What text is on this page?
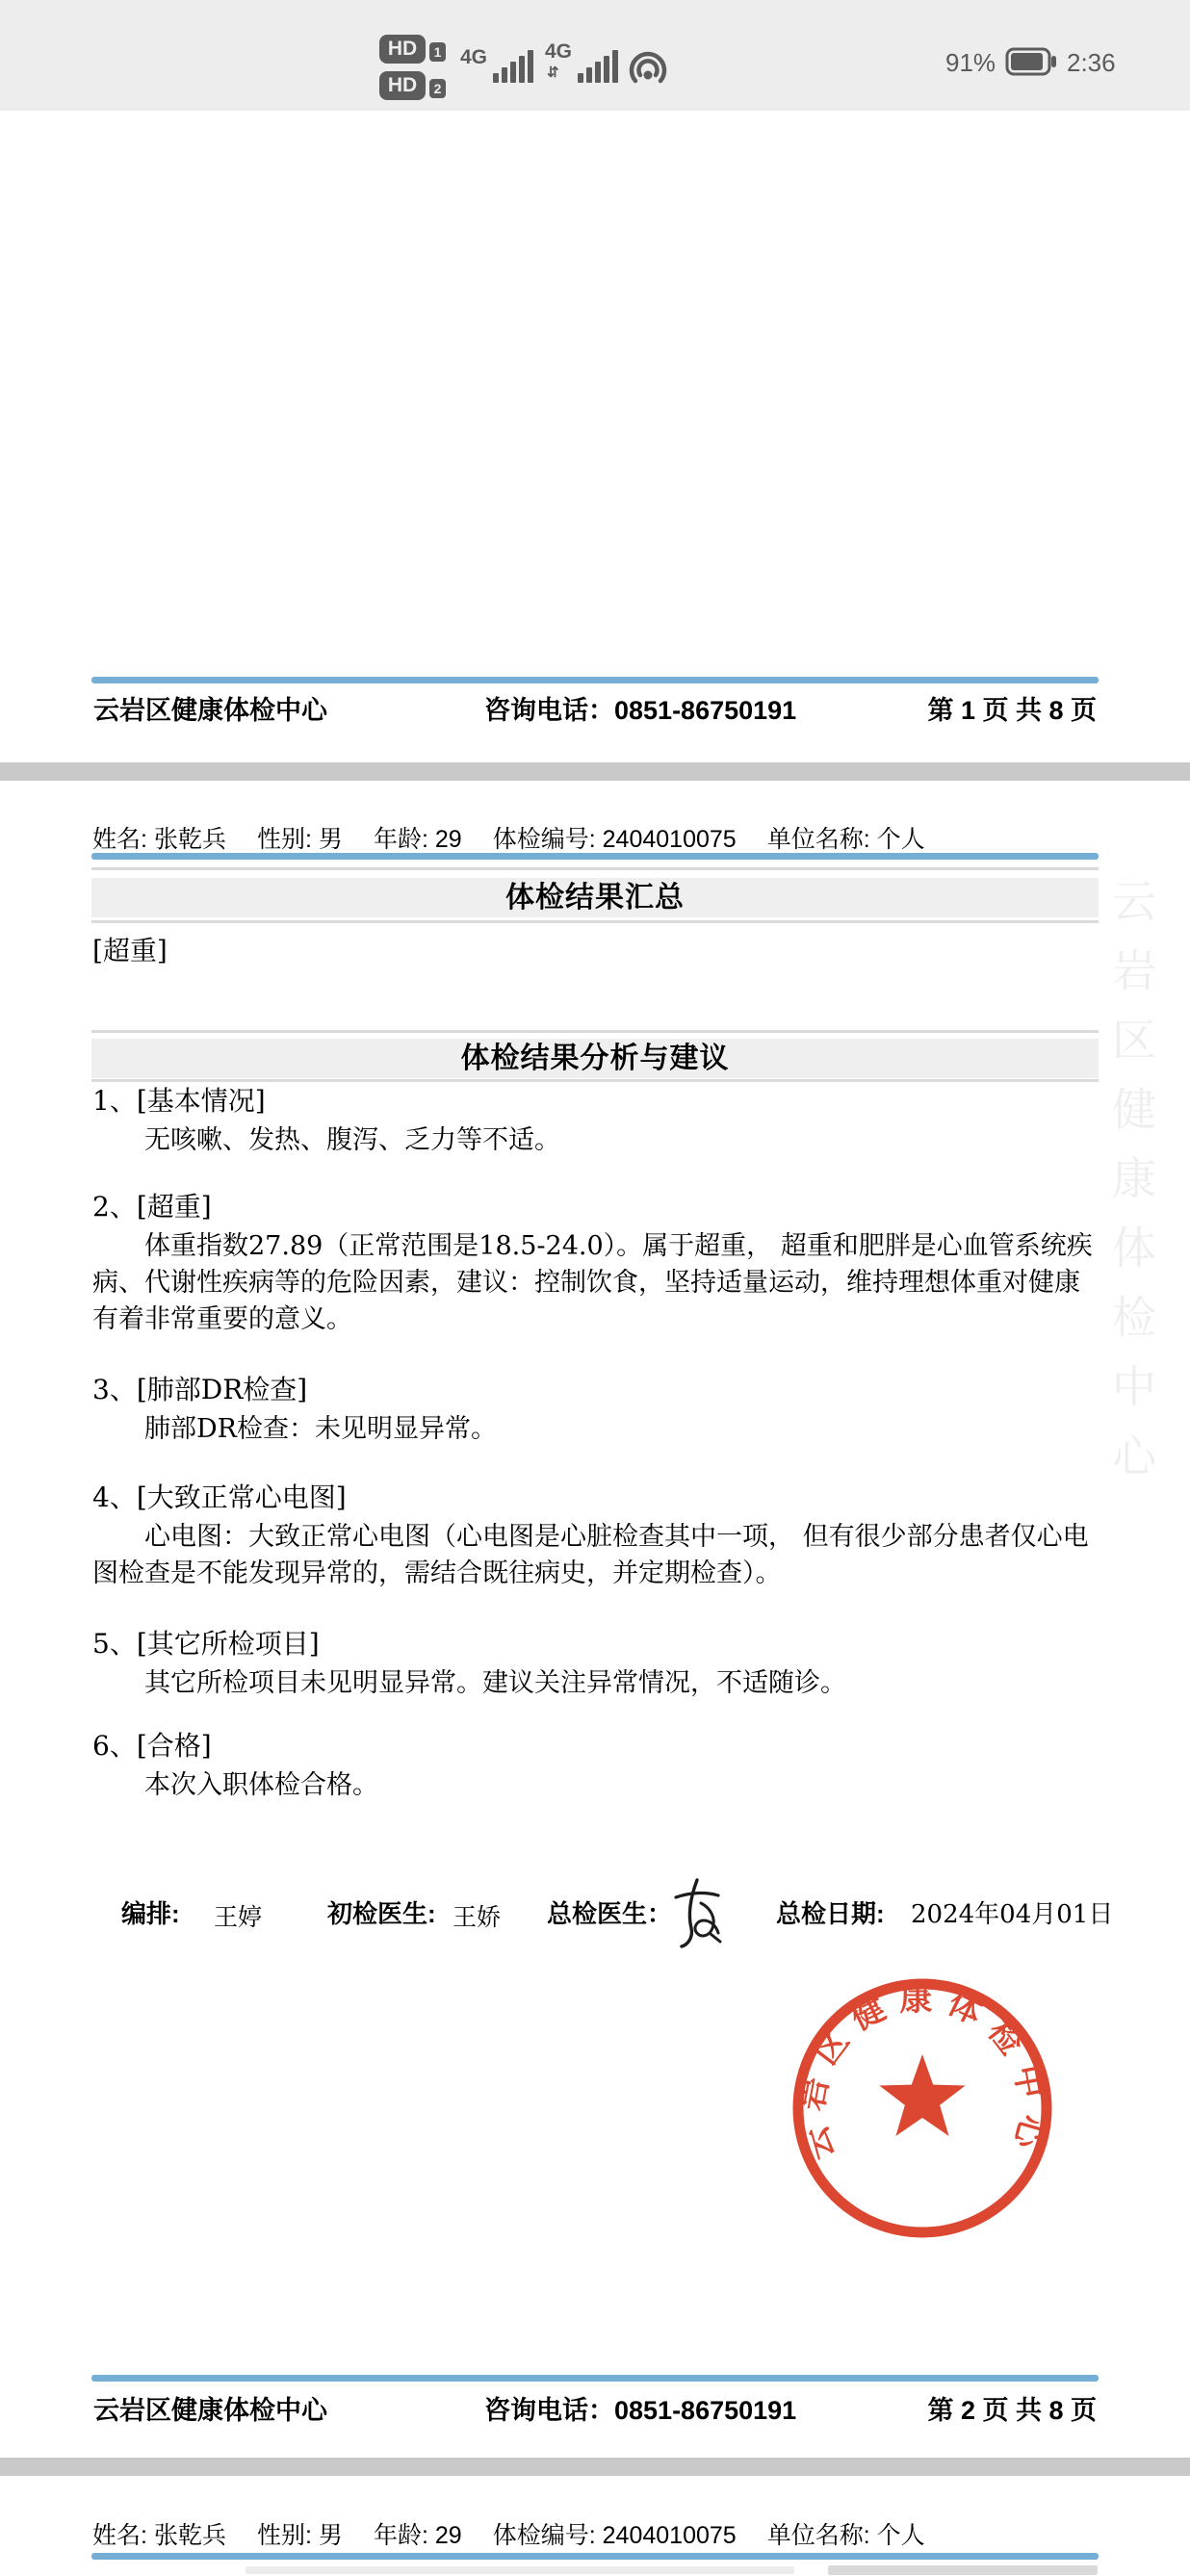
HD	1
HD	2
4G	4G
⇵	91%	2:36
云岩区健康体检中心	咨询电话：0851-86750191	第 1 页 共 8 页
姓名: 张乾兵 性别: 男 年龄: 29 体检编号: 2404010075 单位名称: 个人
体检结果汇总
[超重]
体检结果分析与建议
1、[基本情况]

无咳嗽、发热、腹泻、乏力等不适。

2、[超重]

体重指数27.89（正常范围是18.5-24.0）。属于超重， 超重和肥胖是心血管系统疾病、代谢性疾病等的危险因素，建议：控制饮食，坚持适量运动，维持理想体重对健康有着非常重要的意义。

3、[肺部DR检查]

肺部DR检查：未见明显异常。

4、[大致正常心电图]

心电图：大致正常心电图（心电图是心脏检查其中一项， 但有很少部分患者仅心电图检查是不能发现异常的，需结合既往病史，并定期检查）。

5、[其它所检项目]

其它所检项目未见明显异常。建议关注异常情况，不适随诊。

6、[合格]

本次入职体检合格。

编排: 王婷	初检医生: 王娇 总检医生：	总检日期: 2024年04月01日
云岩区健康体检中心
云岩区健康体检中心	咨询电话：0851-86750191	第 2 页 共 8 页
姓名: 张乾兵 性别: 男 年龄: 29 体检编号: 2404010075 单位名称: 个人
云岩区健康体检中心
